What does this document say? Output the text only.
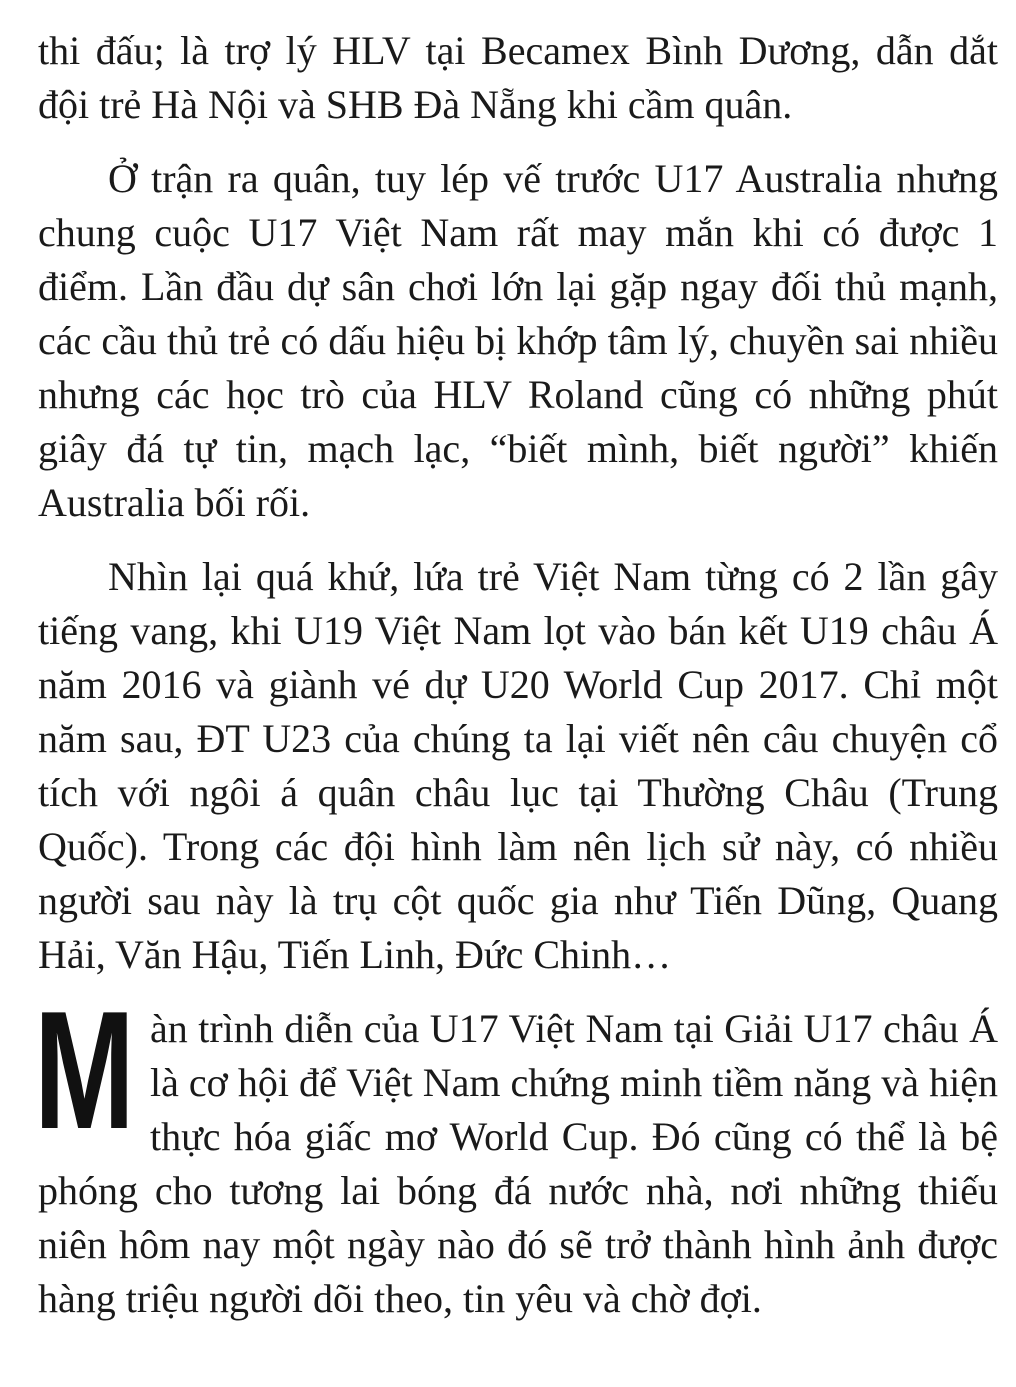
thi đấu; là trợ lý HLV tại Becamex Bình Dương, dẫn dắt đội trẻ Hà Nội và SHB Đà Nẵng khi cầm quân.

Ở trận ra quân, tuy lép vế trước U17 Australia nhưng chung cuộc U17 Việt Nam rất may mắn khi có được 1 điểm. Lần đầu dự sân chơi lớn lại gặp ngay đối thủ mạnh, các cầu thủ trẻ có dấu hiệu bị khớp tâm lý, chuyền sai nhiều nhưng các học trò của HLV Roland cũng có những phút giây đá tự tin, mạch lạc, “biết mình, biết người” khiến Australia bối rối.

Nhìn lại quá khứ, lứa trẻ Việt Nam từng có 2 lần gây tiếng vang, khi U19 Việt Nam lọt vào bán kết U19 châu Á năm 2016 và giành vé dự U20 World Cup 2017. Chỉ một năm sau, ĐT U23 của chúng ta lại viết nên câu chuyện cổ tích với ngôi á quân châu lục tại Thường Châu (Trung Quốc). Trong các đội hình làm nên lịch sử này, có nhiều người sau này là trụ cột quốc gia như Tiến Dũng, Quang Hải, Văn Hậu, Tiến Linh, Đức Chinh…

Màn trình diễn của U17 Việt Nam tại Giải U17 châu Á là cơ hội để Việt Nam chứng minh tiềm năng và hiện thực hóa giấc mơ World Cup. Đó cũng có thể là bệ phóng cho tương lai bóng đá nước nhà, nơi những thiếu niên hôm nay một ngày nào đó sẽ trở thành hình ảnh được hàng triệu người dõi theo, tin yêu và chờ đợi.
